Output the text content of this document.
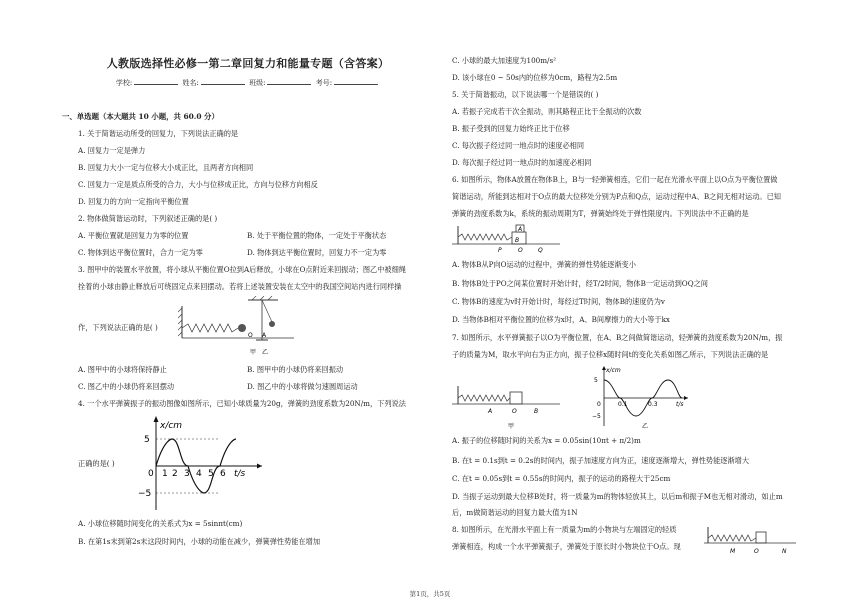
人教版选择性必修一第二章回复力和能量专题（含答案）
学校:	姓名:	班级:	考号:
一、单选题（本大题共 10 小题，共 60.0 分）
1. 关于简谐运动所受的回复力，下列说法正确的是
A. 回复力一定是弹力
B. 回复力大小一定与位移大小成正比，且两者方向相同
C. 回复力一定是质点所受的合力，大小与位移成正比，方向与位移方向相反
D. 回复力的方向一定指向平衡位置
2. 物体做简谐运动时，下列叙述正确的是( )
A. 平衡位置就是回复力为零的位置	B. 处于平衡位置的物体，一定处于平衡状态
C. 物体到达平衡位置时，合力一定为零	D. 物体到达平衡位置时，回复力不一定为零
3. 图甲中的装置水平放置，将小球从平衡位置O拉到A后释放，小球在O点附近来回振动；图乙中被细绳
拴着的小球由静止释放后可绕固定点来回摆动。若将上述装置安装在太空中的我国空间站内进行同样操
作，下列说法正确的是( )
O A
甲 乙
A. 图甲中的小球将保持静止	B. 图甲中的小球仍将来回振动
C. 图乙中的小球仍将来回摆动	D. 图乙中的小球将做匀速圆周运动
4. 一个水平弹簧振子的振动图像如图所示，已知小球质量为20g，弹簧的劲度系数为20N/m，下列说法
正确的是( )
x/cm
5
−5
0 1 2 3 4 5 6 t/s
A. 小球位移随时间变化的关系式为x = 5sinπt(cm)
B. 在第1s末到第2s末这段时间内，小球的动能在减少，弹簧弹性势能在增加
C. 小球的最大加速度为100m/s²
D. 该小球在0 ~ 50s内的位移为0cm，路程为2.5m
5. 关于简谐振动，以下说法哪一个是错误的( )
A. 若振子完成若干次全振动，则其路程正比于全振动的次数
B. 振子受到的回复力始终正比于位移
C. 每次振子经过同一地点时的速度必相同
D. 每次振子经过同一地点时的加速度必相同
6. 如图所示，物体A放置在物体B上，B与一轻弹簧相连，它们一起在光滑水平面上以O点为平衡位置做
简谐运动，所能到达相对于O点的最大位移处分别为P点和Q点，运动过程中A、B之间无相对运动。已知
弹簧的劲度系数为k，系统的振动周期为T，弹簧始终处于弹性限度内。下列说法中不正确的是
A
B
P	O	Q
A. 物体B从P向O运动的过程中，弹簧的弹性势能逐渐变小
B. 物体B处于PO之间某位置时开始计时，经T/2时间，物体B一定运动到OQ之间
C. 物体B的速度为v时开始计时，每经过T时间，物体B的速度仍为v
D. 当物体B相对平衡位置的位移为x时，A、B间摩擦力的大小等于kx
7. 如图所示，水平弹簧振子以O为平衡位置，在A、B之间做简谐运动，轻弹簧的劲度系数为20N/m，振
子的质量为M，取水平向右为正方向，振子位移x随时间t的变化关系如图乙所示，下列说法正确的是
A	O	B
甲
x/cm
5
−5
0	0.1	0.3	t/s
乙
A. 振子的位移随时间的关系为x = 0.05sin(10πt + π/2)m
B. 在t = 0.1s到t = 0.2s的时间内，振子加速度方向为正，速度逐渐增大，弹性势能逐渐增大
C. 在t = 0.05s到t = 0.55s的时间内，振子的运动的路程大于25cm
D. 当振子运动到最大位移B处时，将一质量为m的物体轻放其上，以后m和振子M也无相对滑动，如止m
后，m做简谐运动的回复力最大值为1N
8. 如图所示，在光滑水平面上有一质量为m的小物块与左端固定的轻质
弹簧相连，构成一个水平弹簧振子，弹簧处于原长时小物块位于O点。现
M	O	N
第1页，共5页
